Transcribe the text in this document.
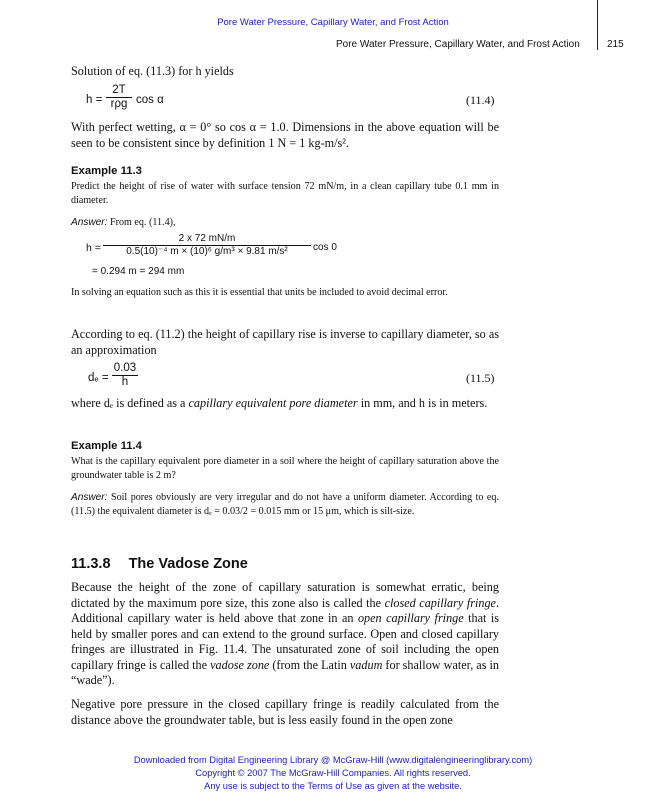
Pore Water Pressure, Capillary Water, and Frost Action
Pore Water Pressure, Capillary Water, and Frost Action	215
Solution of eq. (11.3) for h yields
h =
2T
rρg cos α	(11.4)
With perfect wetting, α = 0° so cos α = 1.0. Dimensions in the above equation will be seen to be consistent since by definition 1 N = 1 kg-m/s².
Example 11.3
Predict the height of rise of water with surface tension 72 mN/m, in a clean capillary tube 0.1 mm in diameter.
Answer: From eq. (11.4),
h =
2 x 72 mN/m
0.5(10)⁻⁴ m × (10)⁶ g/m³ × 9.81 m/s²	cos 0
= 0.294 m = 294 mm
In solving an equation such as this it is essential that units be included to avoid decimal error.
According to eq. (11.2) the height of capillary rise is inverse to capillary diameter, so as an approximation
dₑ =
0.03
h	(11.5)
where dₑ is defined as a capillary equivalent pore diameter in mm, and h is in meters.
Example 11.4
What is the capillary equivalent pore diameter in a soil where the height of capillary saturation above the groundwater table is 2 m?
Answer: Soil pores obviously are very irregular and do not have a uniform diameter. According to eq. (11.5) the equivalent diameter is dₑ = 0.03/2 = 0.015 mm or 15 μm, which is silt-size.
11.3.8 The Vadose Zone
Because the height of the zone of capillary saturation is somewhat erratic, being dictated by the maximum pore size, this zone also is called the closed capillary fringe. Additional capillary water is held above that zone in an open capillary fringe that is held by smaller pores and can extend to the ground surface. Open and closed capillary fringes are illustrated in Fig. 11.4. The unsaturated zone of soil including the open capillary fringe is called the vadose zone (from the Latin vadum for shallow water, as in “wade”).
Negative pore pressure in the closed capillary fringe is readily calculated from the distance above the groundwater table, but is less easily found in the open zone
Downloaded from Digital Engineering Library @ McGraw-Hill (www.digitalengineeringlibrary.com)
Copyright © 2007 The McGraw-Hill Companies. All rights reserved.
Any use is subject to the Terms of Use as given at the website.
